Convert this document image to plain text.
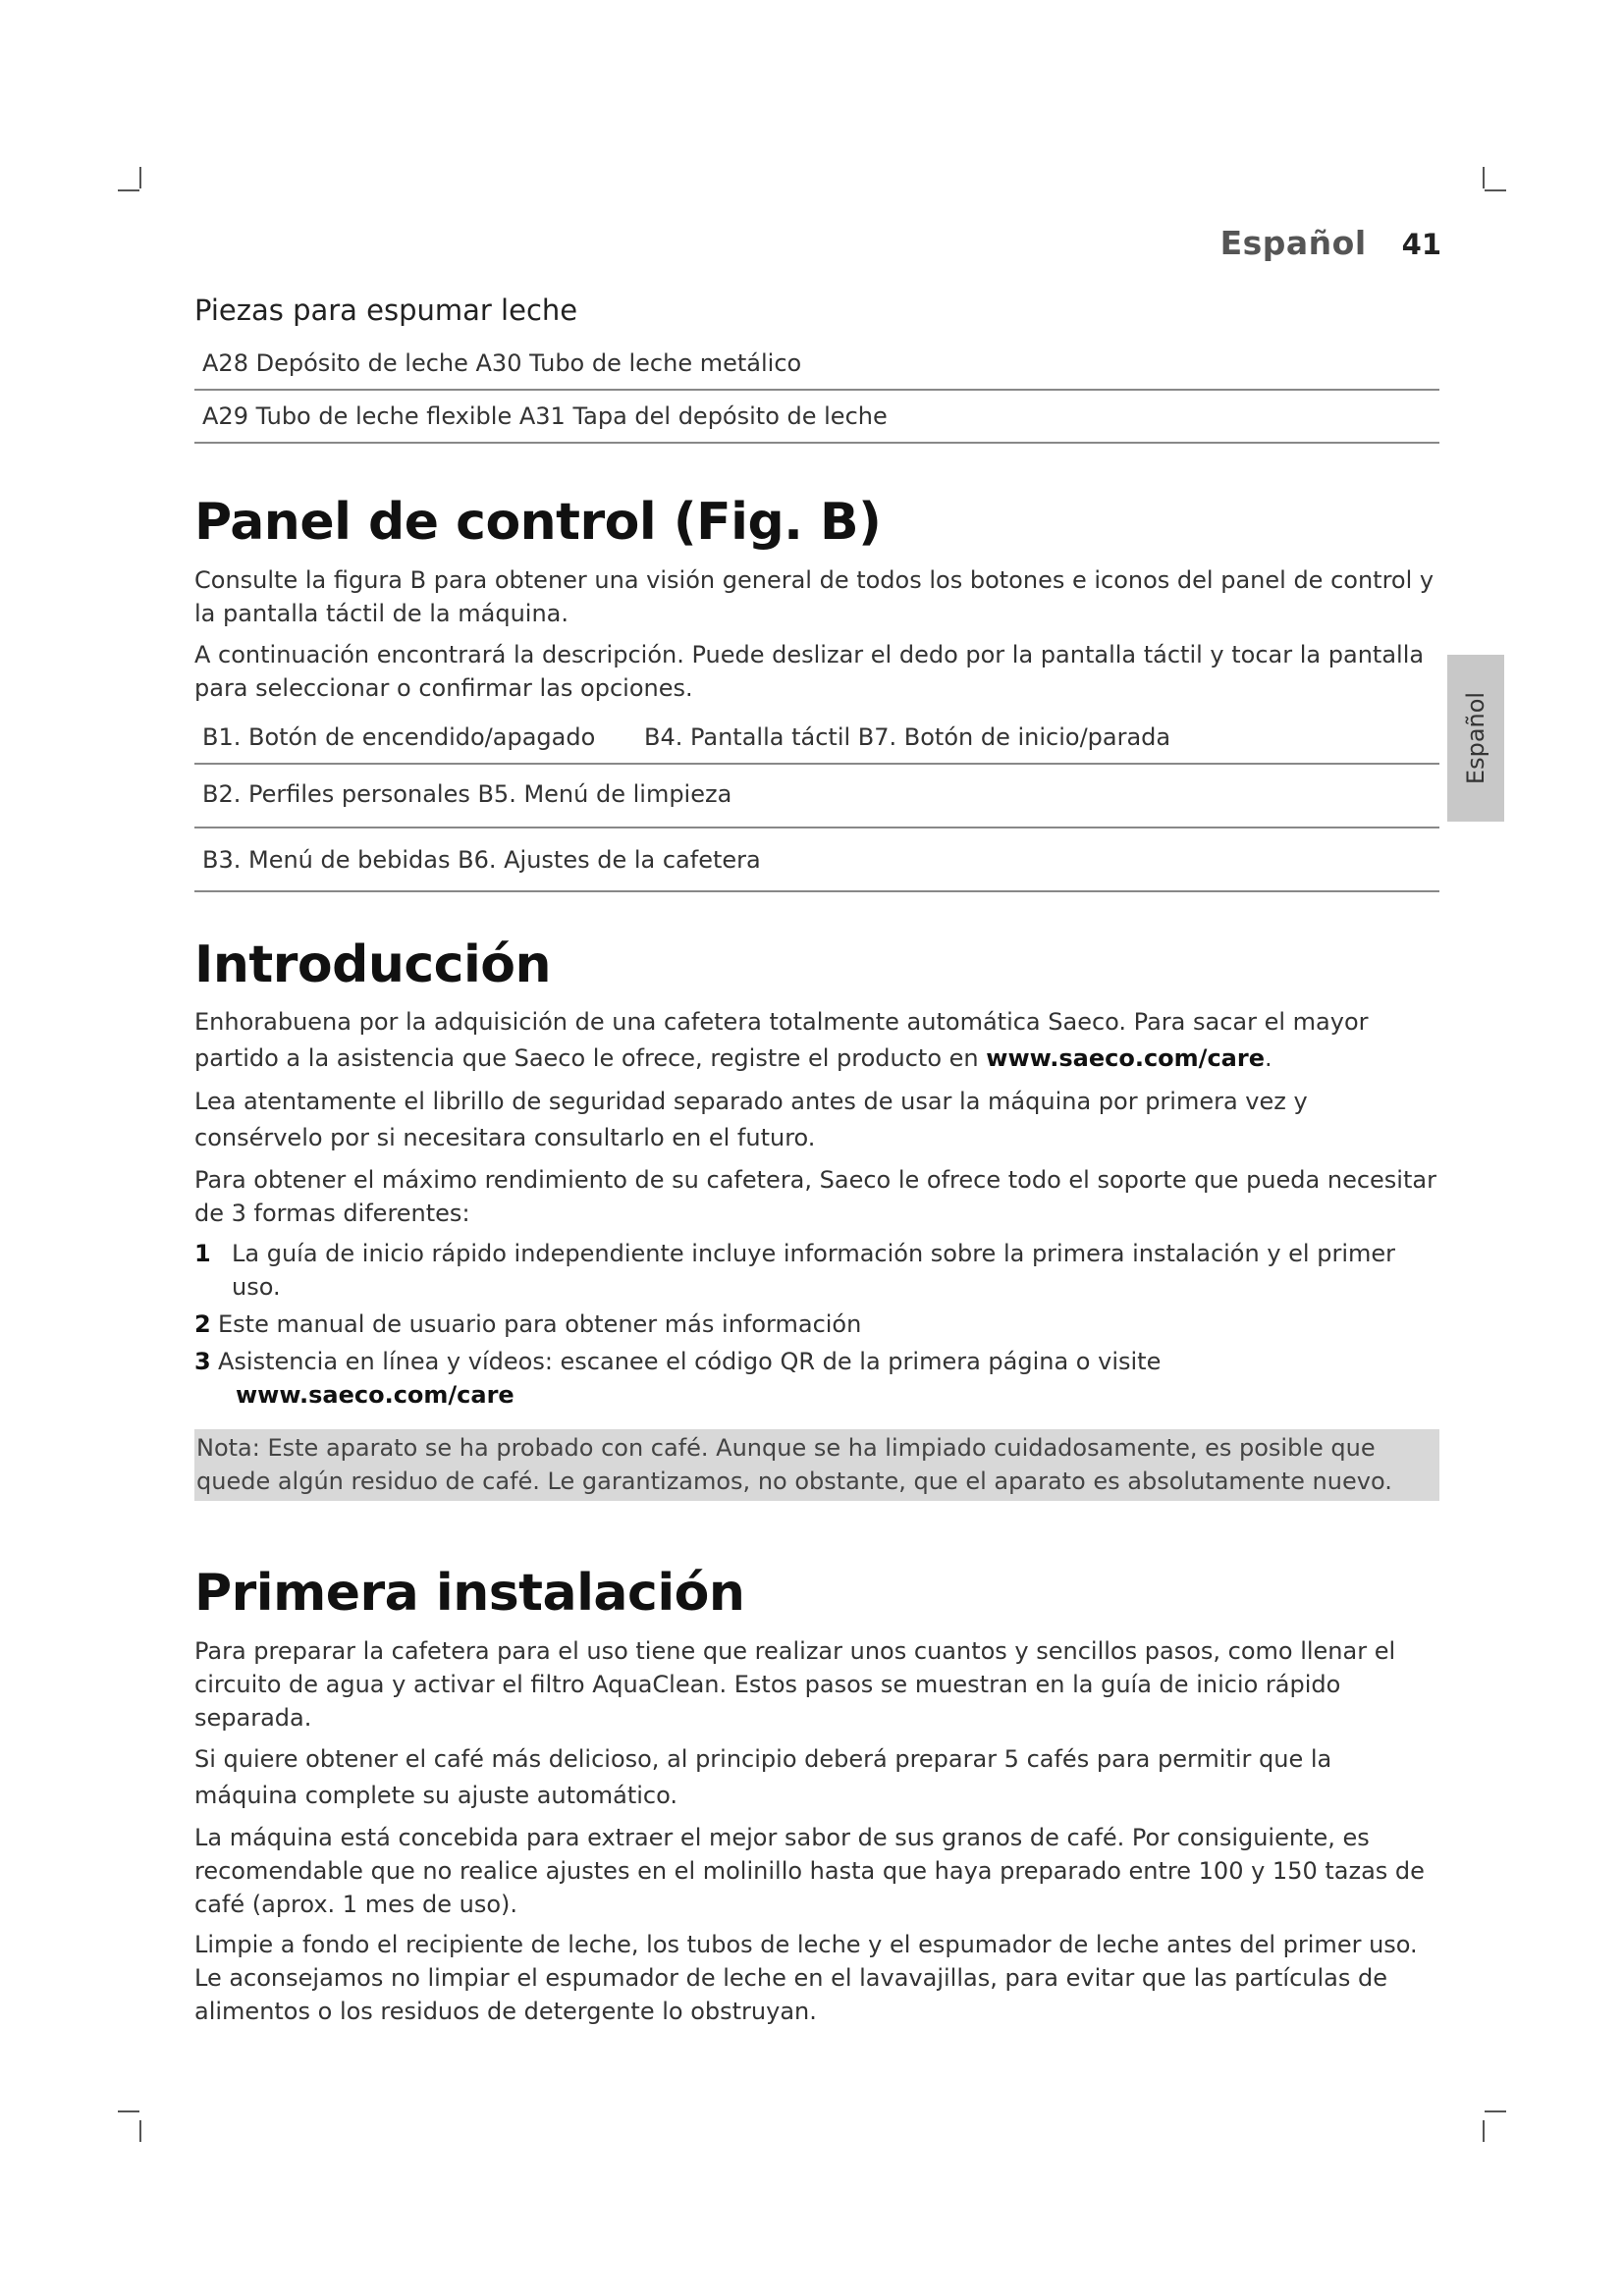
Español 41
Español
Piezas para espumar leche
A28 Depósito de leche A30 Tubo de leche metálico
A29 Tubo de leche flexible A31 Tapa del depósito de leche
Panel de control (Fig. B)

Consulte la figura B para obtener una visión general de todos los botones e iconos del panel de control y la pantalla táctil de la máquina.

A continuación encontrará la descripción. Puede deslizar el dedo por la pantalla táctil y tocar la pantalla para seleccionar o confirmar las opciones.

B1. Botón de encendido/apagado	B4. Pantalla táctil B7. Botón de inicio/parada
B2. Perfiles personales B5. Menú de limpieza
B3. Menú de bebidas B6. Ajustes de la cafetera
Introducción

Enhorabuena por la adquisición de una cafetera totalmente automática Saeco. Para sacar el mayor partido a la asistencia que Saeco le ofrece, registre el producto en www.saeco.com/care.

Lea atentamente el librillo de seguridad separado antes de usar la máquina por primera vez y consérvelo por si necesitara consultarlo en el futuro.

Para obtener el máximo rendimiento de su cafetera, Saeco le ofrece todo el soporte que pueda necesitar de 3 formas diferentes:

1 La guía de inicio rápido independiente incluye información sobre la primera instalación y el primer uso.
2 Este manual de usuario para obtener más información
3 Asistencia en línea y vídeos: escanee el código QR de la primera página o visite
www.saeco.com/care
Nota: Este aparato se ha probado con café. Aunque se ha limpiado cuidadosamente, es posible que quede algún residuo de café. Le garantizamos, no obstante, que el aparato es absolutamente nuevo.
Primera instalación

Para preparar la cafetera para el uso tiene que realizar unos cuantos y sencillos pasos, como llenar el circuito de agua y activar el filtro AquaClean. Estos pasos se muestran en la guía de inicio rápido separada.

Si quiere obtener el café más delicioso, al principio deberá preparar 5 cafés para permitir que la máquina complete su ajuste automático.

La máquina está concebida para extraer el mejor sabor de sus granos de café. Por consiguiente, es recomendable que no realice ajustes en el molinillo hasta que haya preparado entre 100 y 150 tazas de café (aprox. 1 mes de uso).

Limpie a fondo el recipiente de leche, los tubos de leche y el espumador de leche antes del primer uso. Le aconsejamos no limpiar el espumador de leche en el lavavajillas, para evitar que las partículas de alimentos o los residuos de detergente lo obstruyan.
